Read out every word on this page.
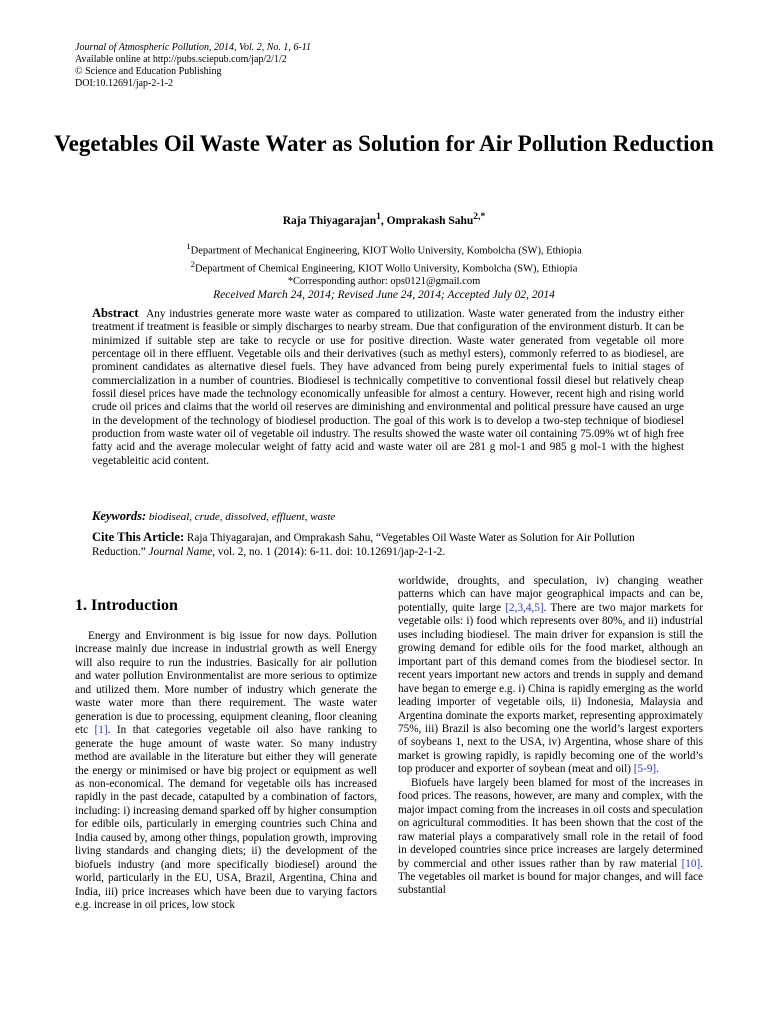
Journal of Atmospheric Pollution, 2014, Vol. 2, No. 1, 6-11
Available online at http://pubs.sciepub.com/jap/2/1/2
© Science and Education Publishing
DOI:10.12691/jap-2-1-2
Vegetables Oil Waste Water as Solution for Air Pollution Reduction
Raja Thiyagarajan$^1$, Omprakash Sahu$^{2,*}$
$^1$Department of Mechanical Engineering, KIOT Wollo University, Kombolcha (SW), Ethiopia
$^2$Department of Chemical Engineering, KIOT Wollo University, Kombolcha (SW), Ethiopia
*Corresponding author: ops0121@gmail.com
Received March 24, 2014; Revised June 24, 2014; Accepted July 02, 2014
Abstract Any industries generate more waste water as compared to utilization. Waste water generated from the industry either treatment if treatment is feasible or simply discharges to nearby stream. Due that configuration of the environment disturb. It can be minimized if suitable step are take to recycle or use for positive direction. Waste water generated from vegetable oil more percentage oil in there effluent. Vegetable oils and their derivatives (such as methyl esters), commonly referred to as biodiesel, are prominent candidates as alternative diesel fuels. They have advanced from being purely experimental fuels to initial stages of commercialization in a number of countries. Biodiesel is technically competitive to conventional fossil diesel but relatively cheap fossil diesel prices have made the technology economically unfeasible for almost a century. However, recent high and rising world crude oil prices and claims that the world oil reserves are diminishing and environmental and political pressure have caused an urge in the development of the technology of biodiesel production. The goal of this work is to develop a two-step technique of biodiesel production from waste water oil of vegetable oil industry. The results showed the waste water oil containing 75.09% wt of high free fatty acid and the average molecular weight of fatty acid and waste water oil are 281 g mol-1 and 985 g mol-1 with the highest vegetableitic acid content.
Keywords: biodiseal, crude, dissolved, effluent, waste
Cite This Article: Raja Thiyagarajan, and Omprakash Sahu, “Vegetables Oil Waste Water as Solution for Air Pollution Reduction.” Journal Name, vol. 2, no. 1 (2014): 6-11. doi: 10.12691/jap-2-1-2.
1. Introduction

Energy and Environment is big issue for now days. Pollution increase mainly due increase in industrial growth as well Energy will also require to run the industries. Basically for air pollution and water pollution Environmentalist are more serious to optimize and utilized them. More number of industry which generate the waste water more than there requirement. The waste water generation is due to processing, equipment cleaning, floor cleaning etc [1]. In that categories vegetable oil also have ranking to generate the huge amount of waste water. So many industry method are available in the literature but either they will generate the energy or minimised or have big project or equipment as well as non-economical. The demand for vegetable oils has increased rapidly in the past decade, catapulted by a combination of factors, including: i) increasing demand sparked off by higher consumption for edible oils, particularly in emerging countries such China and India caused by, among other things, population growth, improving living standards and changing diets; ii) the development of the biofuels industry (and more specifically biodiesel) around the world, particularly in the EU, USA, Brazil, Argentina, China and India, iii) price increases which have been due to varying factors e.g. increase in oil prices, low stock

worldwide, droughts, and speculation, iv) changing weather patterns which can have major geographical impacts and can be, potentially, quite large [2,3,4,5]. There are two major markets for vegetable oils: i) food which represents over 80%, and ii) industrial uses including biodiesel. The main driver for expansion is still the growing demand for edible oils for the food market, although an important part of this demand comes from the biodiesel sector. In recent years important new actors and trends in supply and demand have began to emerge e.g. i) China is rapidly emerging as the world leading importer of vegetable oils, ii) Indonesia, Malaysia and Argentina dominate the exports market, representing approximately 75%, iii) Brazil is also becoming one the world’s largest exporters of soybeans 1, next to the USA, iv) Argentina, whose share of this market is growing rapidly, is rapidly becoming one of the world’s top producer and exporter of soybean (meat and oil) [5-9].

Biofuels have largely been blamed for most of the increases in food prices. The reasons, however, are many and complex, with the major impact coming from the increases in oil costs and speculation on agricultural commodities. It has been shown that the cost of the raw material plays a comparatively small role in the retail of food in developed countries since price increases are largely determined by commercial and other issues rather than by raw material [10]. The vegetables oil market is bound for major changes, and will face substantial
